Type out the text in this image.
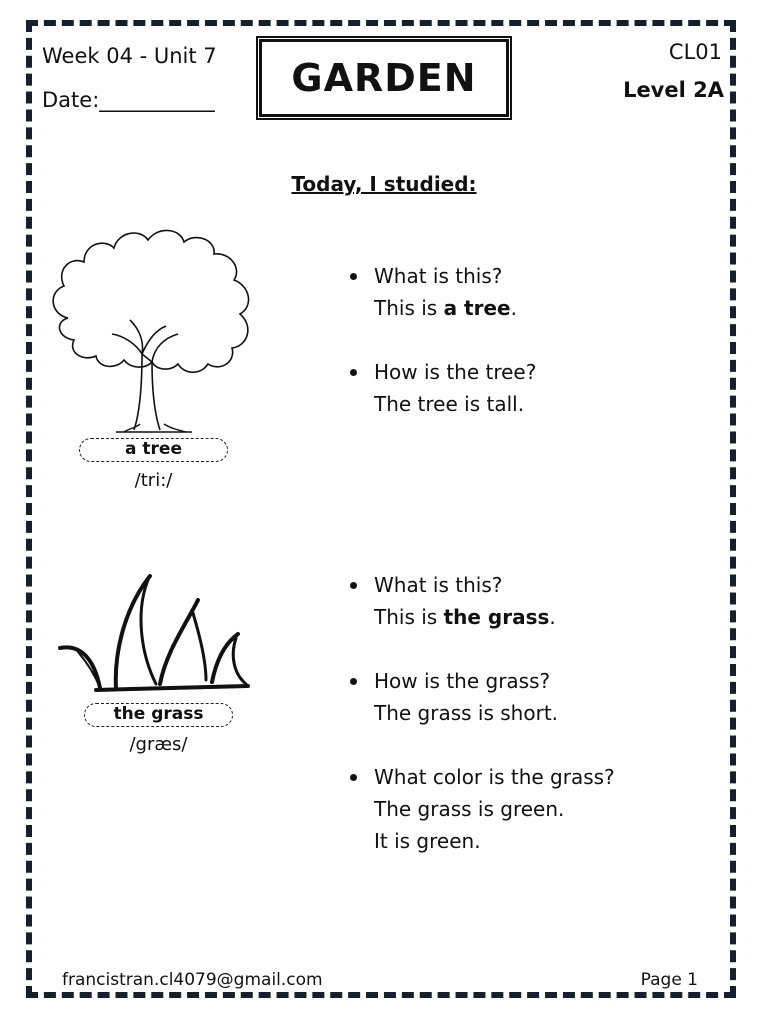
Week 04 - Unit 7
Date:___________ GARDEN
CL01
Level 2A
Today, I studied:
a tree
/tri:/
What is this?
This is a tree.
How is the tree?
The tree is tall.
the grass
/græs/
What is this?
This is the grass.
How is the grass?
The grass is short.
What color is the grass?
The grass is green.
It is green.
francistran.cl4079@gmail.com	Page 1
